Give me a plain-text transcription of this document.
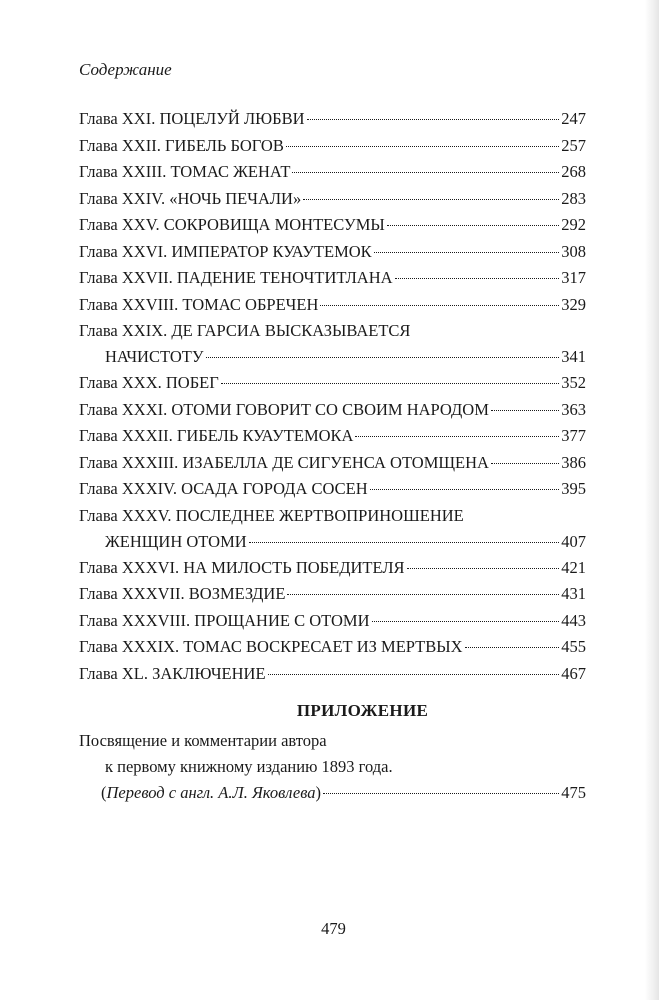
Содержание
Глава XXI. ПОЦЕЛУЙ ЛЮБВИ	247
Глава XXII. ГИБЕЛЬ БОГОВ	257
Глава XXIII. ТОМАС ЖЕНАТ	268
Глава XXIV. «НОЧЬ ПЕЧАЛИ»	283
Глава XXV. СОКРОВИЩА МОНТЕСУМЫ	292
Глава XXVI. ИМПЕРАТОР КУАУТЕМОК	308
Глава XXVII. ПАДЕНИЕ ТЕНОЧТИТЛАНА	317
Глава XXVIII. ТОМАС ОБРЕЧЕН	329
Глава XXIX. ДЕ ГАРСИА ВЫСКАЗЫВАЕТСЯ
НАЧИСТОТУ	341
Глава XXX. ПОБЕГ	352
Глава XXXI. ОТОМИ ГОВОРИТ СО СВОИМ НАРОДОМ	363
Глава XXXII. ГИБЕЛЬ КУАУТЕМОКА	377
Глава XXXIII. ИЗАБЕЛЛА ДЕ СИГУЕНСА ОТОМЩЕНА	386
Глава XXXIV. ОСАДА ГОРОДА СОСЕН	395
Глава XXXV. ПОСЛЕДНЕЕ ЖЕРТВОПРИНОШЕНИЕ
ЖЕНЩИН ОТОМИ	407
Глава XXXVI. НА МИЛОСТЬ ПОБЕДИТЕЛЯ	421
Глава XXXVII. ВОЗМЕЗДИЕ	431
Глава XXXVIII. ПРОЩАНИЕ С ОТОМИ	443
Глава XXXIX. ТОМАС ВОСКРЕСАЕТ ИЗ МЕРТВЫХ	455
Глава XL. ЗАКЛЮЧЕНИЕ	467
ПРИЛОЖЕНИЕ
Посвящение и комментарии автора
к первому книжному изданию 1893 года.
(Перевод с англ. А.Л. Яковлева)	475
479
